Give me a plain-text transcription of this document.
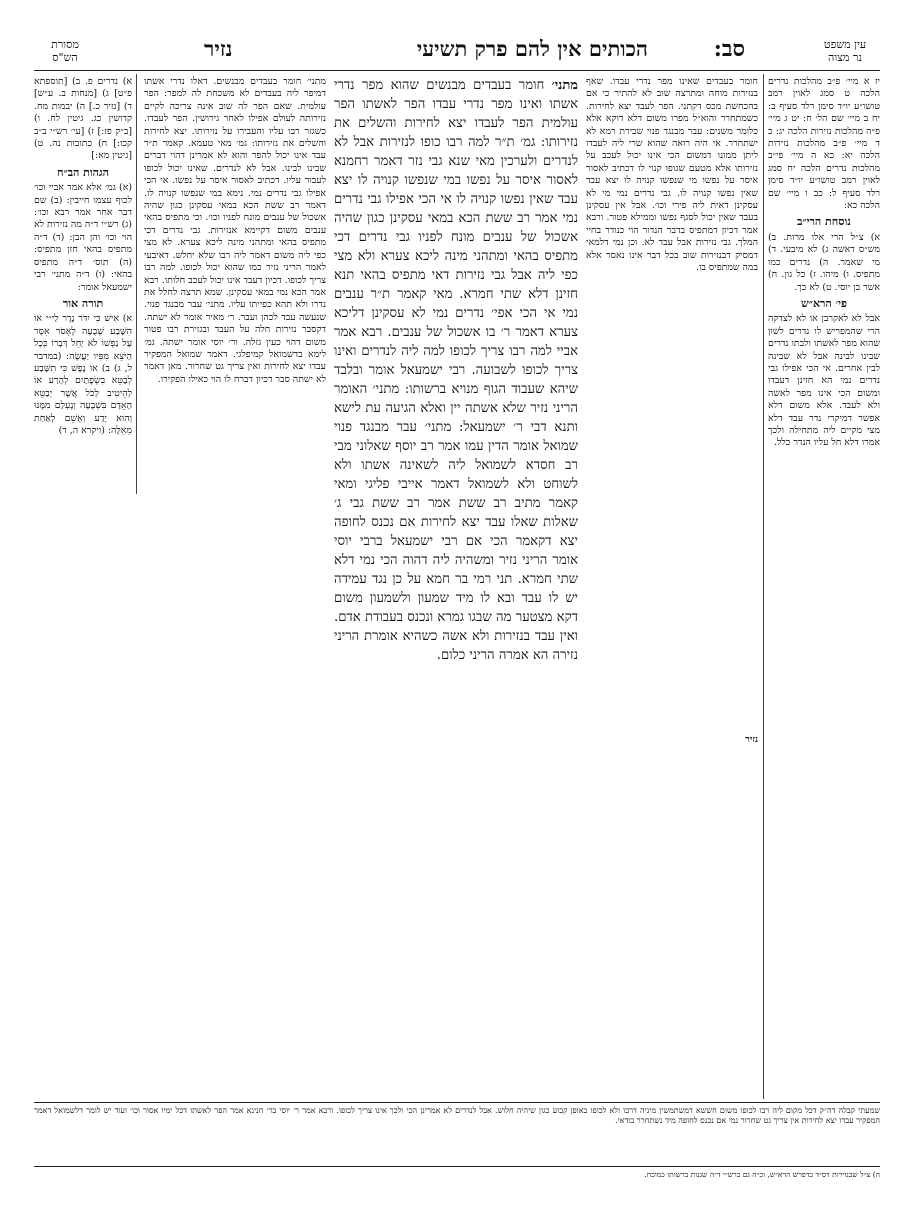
עין משפט
נר מצוה
סב:
הכותים אין להם פרק תשיעי
נזיר
מסורת
הש"ס

יז א מיי׳ פ״ב מהלכות נדרים הלכה ט סמג לאוין רמב טושו״ע יו״ד סימן רלד סעיף ב: יח ב מיי׳ שם הל׳ ח: יט ג מיי׳ פ״ה מהלכות נזירות הלכה יג: כ ד מיי׳ פ״ב מהלכות נזירות הלכה יא: כא ה מיי׳ פי״ב מהלכות נדרים הלכה יח סמג לאוין רמב טושו״ע יו״ד סימן רלד סעיף ל: כב ו מיי׳ שם הלכה כא:

נוסחת הרי״ב

א) צ״ל הרי אלו מרות. ב) מש״ס דאשה ג) לא מיבעי. ד) מי שאמר. ה) נדרים כמו מתפיס. ו) מיהו. ז) כל גון. ח) אשר בן יוסי. ט) לא כך.

פי׳ הרא״ש

אבל לא לאקרבן או לא לצדקה הרי שהמפריש לו נדרים לשון שהוא מפר לאשתו ולבתו נדרים שבינו לבינה אבל לא שבינה לבין אחרים. אי הכי אפילו גבי נדרים נמי הא חזינן דעבדו ומשום הכי אינו מפר לאשה ולא לעבד. אלא משום דלא אפשר דמיקרי נדר עבד דלא מצי מקיים ליה מתחילה ולכך אמרו דלא חל עליו הנדר כלל.

חומר בעבדים שאינו מפר נדרי עבדו. שאף בנזירות מוחה ומתרצה שוב לא להתיר כי אם בהכחשת מכס דקתני. הפר לעבד יצא לחירות. כשמתחרר והוא״ל מפרו משום דלא דוקא אלא כלומר משנים: עבר מבנגד פנוי שבירת רמא לא ישתחרר. אי היה רואה שהוא שרי ליה לעבדו ליתן ממונו דמשום הכי אינו יכול לעכב על נזירותו אלא מטעם שגופו קנוי לו דכתיב לאסור איסר על נפשו מי שנפשו קנויה לו יצא עבד שאין נפשו קנויה לו. גבי נדרים נמי מי לא עסקינן דאית ליה פירי וכו׳. אבל אין עסקינן בעבד שאין יכול לסגף נפשו וממילא פטור. ורבא אמר דכיון דמתפיס בדבר הנדור הוי כנודר בחיי המלך. גבי נזירות אבל עבד לא. וכן נמי דלמאי דמסיק דבנזירות שוב בכל דבר אינו נאסר אלא במה שמתפיס בו.

מתני׳ חומר בעבדים מבנשים שהוא מפר נדרי אשתו ואינו מפר נדרי עבדו הפר לאשתו הפר עולמית הפר לעבדו יצא לחירות והשלים את נזירותו: גמ׳ ת״ר למה רבו כופו לנזירות אבל לא לנדרים ולערכין מאי שנא גבי נזר דאמר רחמנא לאסור איסר על נפשו במי שנפשו קנויה לו יצא עבד שאין נפשו קנויה לו אי הכי אפילו גבי נדרים נמי אמר רב ששת הכא במאי עסקינן כגון שהיה אשכול של ענבים מונח לפניו גבי נדרים דכי מתפיס בהאי ומתהני מינה ליכא צערא ולא מצי כפי ליה אבל גבי נזירות דאי מתפיס בהאי תנא חזינן דלא שתי חמרא. מאי קאמר ת״ר ענבים נמי אי הכי אפי׳ נדרים נמי לא עסקינן דליכא צערא דאמר ר׳ בו אשכול של ענבים. רבא אמר אביי למה רבו צריך לכופו למה ליה לנדרים ואינו צריך לכופו לשבועה. רבי ישמעאל אומר ובלבד שיהא שעבוד הגוף מנויא ברשותו: מתני׳ האומר הריני נזיר שלא אשתה יין ואלא הגיעה עת לישא ותנא דבי ר׳ ישמעאל: מתני׳ עבר מבנגד פנוי שמואל אומר הדין עמו אמר רב יוסף שאלוני מבי רב חסדא לשמואל ליה לשאינה אשתו ולא לשוחט ולא לשמואל דאמר אייבי פליגי ומאי קאמר מתיב רב ששת אמר רב ששת גבי ג׳ שאלות שאלו עבד יצא לחירות אם נכנס לחופה יצא דקאמר הכי אם רבי ישמעאל ברבי יוסי אומר הריני נזיר ומשהיה ליה דהוה הכי נמי דלא שתי חמרא. תני רמי בר חמא על כן נגד עמידה יש לו עבד ובא לו מיד שמעון ולשמעון משום דקא מצטער מה שבגו גמרא ונכנס בעבודת אדם. ואין עבד בנזירות ולא אשה כשהיא אומרת הריני נזירה הא אמרה הריני כלום.

מתני׳ חומר בעבדים מבנשים. דאלו נדרי אשתו דמיפר ליה בעבדים לא משכחת לה למפר: הפר עולמית. שאם הפר לה שוב אינה צריכה לקיים נזירותה לעולם אפילו לאחר גירושין. הפר לעבדו. כשגזר רבו עליו והעבירו על נזירותו. יצא לחירות והשלים את נזירותו: גמ׳ מאי טעמא. קאמר ת״ר עבד אינו יכול להפר והוא לא אמרינן דהוי דברים שבינו לבינו. אבל לא לנדרים. שאינו יכול לכופו לעבור עליו. דכתיב לאסור איסר על נפשו. אי הכי אפילו גבי נדרים נמי. נימא במי שנפשו קנויה לו. דאמר רב ששת הכא במאי עסקינן כגון שהיה אשכול של ענבים מונח לפניו וכו׳. וכי מתפיס בהאי ענבים משום דקיימא אנזירות. גבי נדרים דכי מתפיס בהאי ומתהני מינה ליכא צערא. לא מצי כפי ליה משום דאמר ליה רבו שלא יחלש. דאיבעי לאמר הריני נזיר כמו שהוא יכול לכופו. למה רבו צריך לכופו. דכיון דעבד אינו יכול לעכב חלותו. רבא אמר הכא נמי במאי עסקינן. שמא תרצה לחלל את נדרו ולא תהא כפייתו עליו. מתני׳ עבר מבנגד פנוי. שנעשה עבד לכהן ועבר. ר׳ מאיר אומר לא ישתה. דקסבר נזירות חלה על העבד ובגזירת רבו פטור משום דהוי כעין גזלה. ור׳ יוסי אומר ישתה. גמ׳ לימא בדשמואל קמיפלגי. דאמר שמואל המפקיר עבדו יצא לחירות ואין צריך גט שחרור. מאן דאמר לא ישתה סבר דכיון דברח לו הוי כאילו הפקירו.

א) נדרים פ. ב) [תוספתא פ״ט] ג) [מנחות ב. ע״ש] ד) [נזיר כ.] ה) יבמות מח. קדושין כג. גיטין לח. ו) [ב״ק פז:] ז) [עי׳ רש״י ב״ב קכו:] ח) כתובות נה. ט) [גיטין מא:]

הגהות הב״ח

(א) גמ׳ אלא אמר אביי וכו׳ לכוף עצמו חייבין: (ב) שם דבר אחר אמר רבא וכו׳: (ג) רש״י ד״ה מה נזירות לא הוי וכו׳ והן הבן: (ד) ד״ה מתפיס בהאי חזן מתפיס: (ה) תוס׳ ד״ה מתפיס בהאי: (ו) ד״ה מתני׳ רבי ישמעאל אומר:

תורה אור

א) אִישׁ כִּי יִדֹּר נֶדֶר לַי״י אוֹ הִשָּׁבַע שְׁבֻעָה לֶאְסֹר אִסָּר עַל נַפְשׁוֹ לֹא יַחֵל דְּבָרוֹ כְּכָל הַיֹּצֵא מִפִּיו יַעֲשֶׂה: (במדבר ל, ג) ב) אוֹ נֶפֶשׁ כִּי תִשָּׁבַע לְבַטֵּא בִשְׂפָתַיִם לְהָרַע אוֹ לְהֵיטִיב לְכֹל אֲשֶׁר יְבַטֵּא הָאָדָם בִּשְׁבֻעָה וְנֶעְלַם מִמֶּנּוּ וְהוּא יָדַע וְאָשֵׁם לְאַחַת מֵאֵלֶּה: (ויקרא ה, ד)

נזיר

שמעתי קבלה דה״ק דכל מקום ליה רבו לכופו משום חששא דמשתמשין מיניה דרבו ולא לכופו באופן קבוע כגון שיהיה חלוש. אבל לנדרים לא אמרינן הכי ולכך אינו צריך לכופו. ורבא אמר ר׳ יוסי בר׳ חנינא אמר הפר לאשתו דכל ימיו אסור וכו׳ ועוד יש לומר דלשמואל דאמר המפקיר עבדו יצא לחירות אין צריך גט שחרור נמי אם נכנס לחופה מיד נשתחרר בודאי.
ה) צ״ל שבנזירות דס״ד כדפרש הרא״ש, וכ״ה גם ברש״י ד״ה שגנות ברשותו כמוכח.
